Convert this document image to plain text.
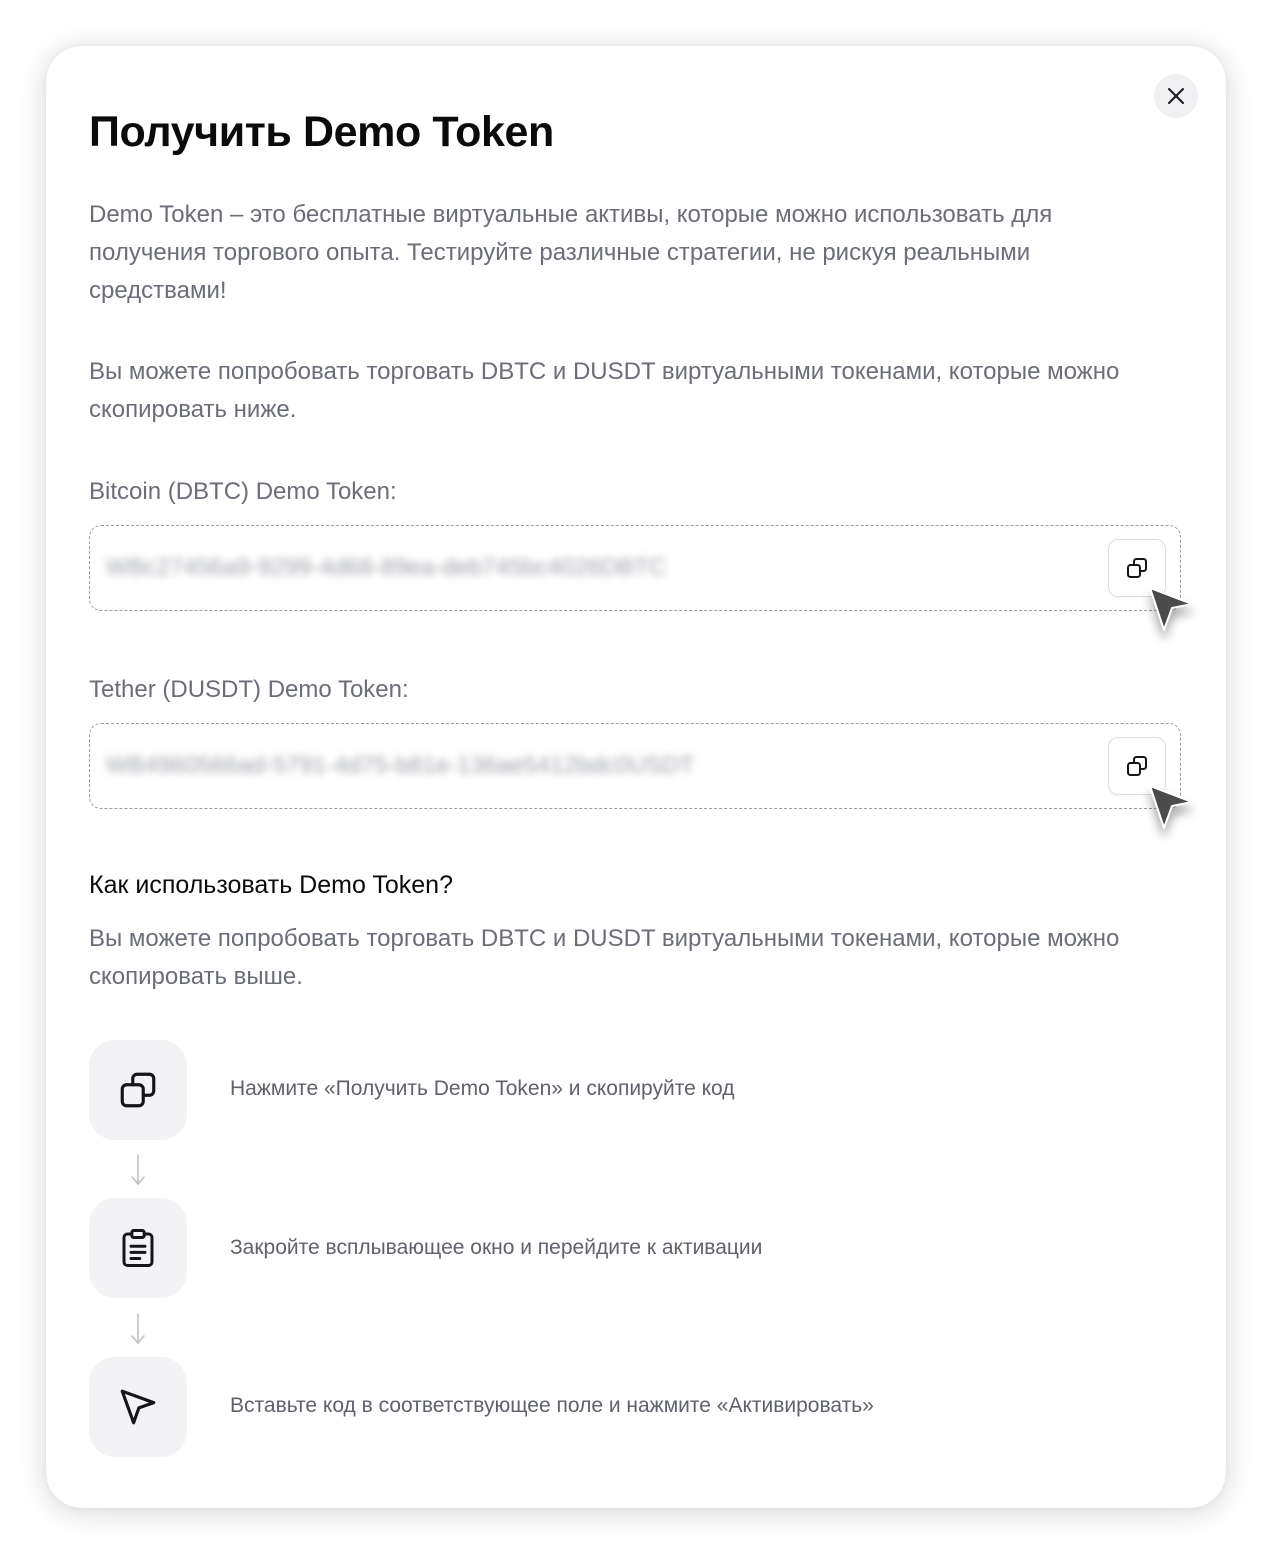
Получить Demo Token

Demo Token – это бесплатные виртуальные активы, которые можно использовать для получения торгового опыта. Тестируйте различные стратегии, не рискуя реальными средствами!

Вы можете попробовать торговать DBTC и DUSDT виртуальными токенами, которые можно скопировать ниже.

Bitcoin (DBTC) Demo Token:

WBc27456a9-9299-4d68-89ea-deb745bc4026DBTC

Tether (DUSDT) Demo Token:

WB4960566ad-5791-4d75-b81e-136ae5412bdc0USDT
Как использовать Demo Token?

Вы можете попробовать торговать DBTC и DUSDT виртуальными токенами, которые можно скопировать выше.

Нажмите «Получить Demo Token» и скопируйте код
Закройте всплывающее окно и перейдите к активации
Вставьте код в соответствующее поле и нажмите «Активировать»
